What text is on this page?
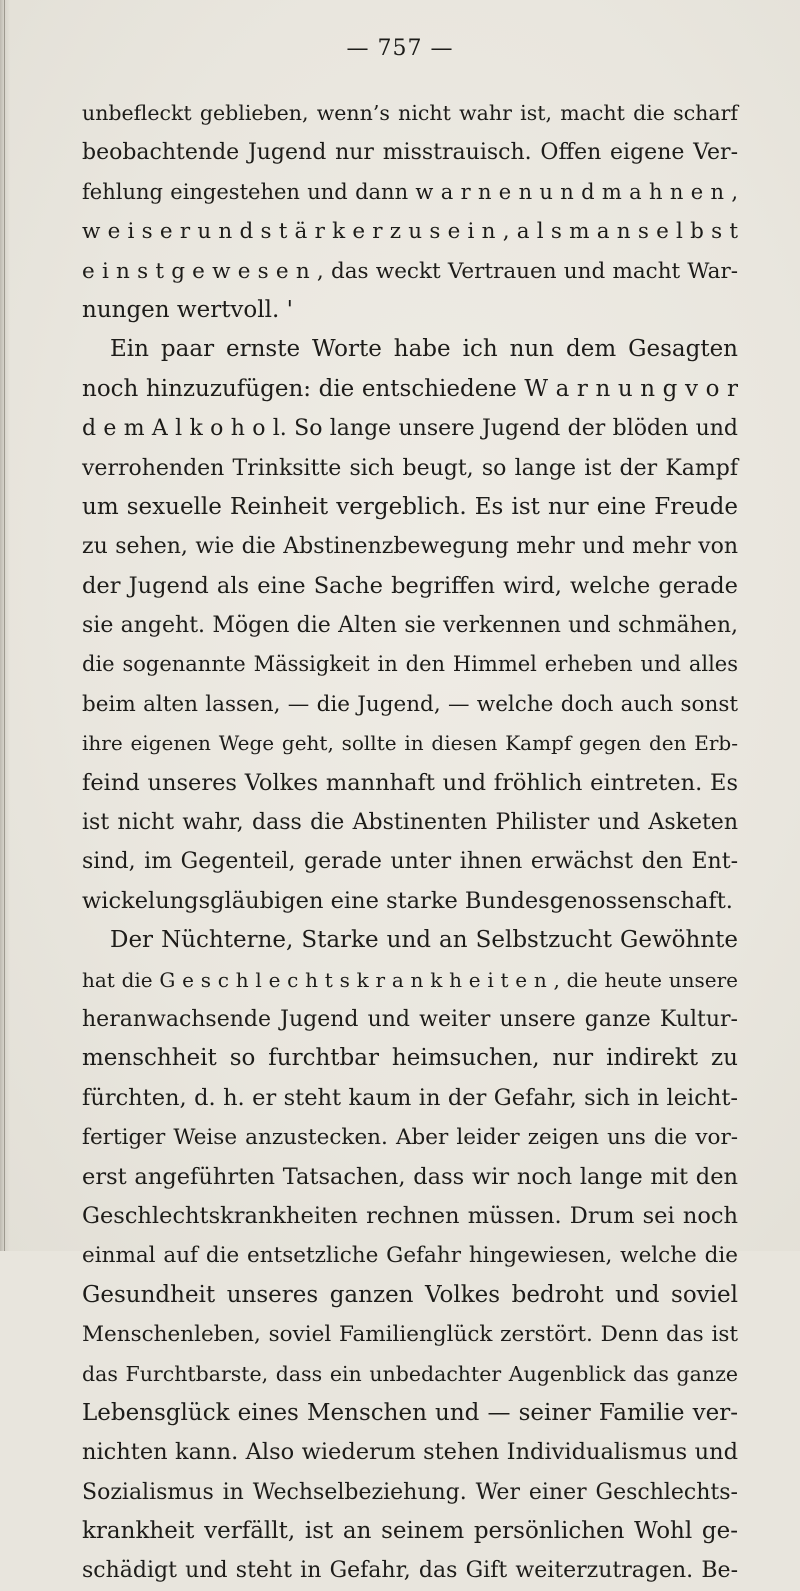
— 757 —
unbefleckt geblieben, wenn’s nicht wahr ist, macht die scharf
beobachtende Jugend nur misstrauisch. Offen eigene Ver-
fehlung eingestehen und dann w a r n e n u n d m a h n e n ,
w e i s e r u n d s t ä r k e r z u s e i n , a l s m a n s e l b s t
e i n s t g e w e s e n , das weckt Vertrauen und macht War-
nungen wertvoll. '
Ein paar ernste Worte habe ich nun dem Gesagten
noch hinzuzufügen: die entschiedene W a r n u n g v o r
d e m A l k o h o l. So lange unsere Jugend der blöden und
verrohenden Trinksitte sich beugt, so lange ist der Kampf
um sexuelle Reinheit vergeblich. Es ist nur eine Freude
zu sehen, wie die Abstinenzbewegung mehr und mehr von
der Jugend als eine Sache begriffen wird, welche gerade
sie angeht. Mögen die Alten sie verkennen und schmähen,
die sogenannte Mässigkeit in den Himmel erheben und alles
beim alten lassen, — die Jugend, — welche doch auch sonst
ihre eigenen Wege geht, sollte in diesen Kampf gegen den Erb-
feind unseres Volkes mannhaft und fröhlich eintreten. Es
ist nicht wahr, dass die Abstinenten Philister und Asketen
sind, im Gegenteil, gerade unter ihnen erwächst den Ent-
wickelungsgläubigen eine starke Bundesgenossenschaft.
Der Nüchterne, Starke und an Selbstzucht Gewöhnte
hat die G e s c h l e c h t s k r a n k h e i t e n , die heute unsere
heranwachsende Jugend und weiter unsere ganze Kultur-
menschheit so furchtbar heimsuchen, nur indirekt zu
fürchten, d. h. er steht kaum in der Gefahr, sich in leicht-
fertiger Weise anzustecken. Aber leider zeigen uns die vor-
erst angeführten Tatsachen, dass wir noch lange mit den
Geschlechtskrankheiten rechnen müssen. Drum sei noch
einmal auf die entsetzliche Gefahr hingewiesen, welche die
Gesundheit unseres ganzen Volkes bedroht und soviel
Menschenleben, soviel Familienglück zerstört. Denn das ist
das Furchtbarste, dass ein unbedachter Augenblick das ganze
Lebensglück eines Menschen und — seiner Familie ver-
nichten kann. Also wiederum stehen Individualismus und
Sozialismus in Wechselbeziehung. Wer einer Geschlechts-
krankheit verfällt, ist an seinem persönlichen Wohl ge-
schädigt und steht in Gefahr, das Gift weiterzutragen. Be-
